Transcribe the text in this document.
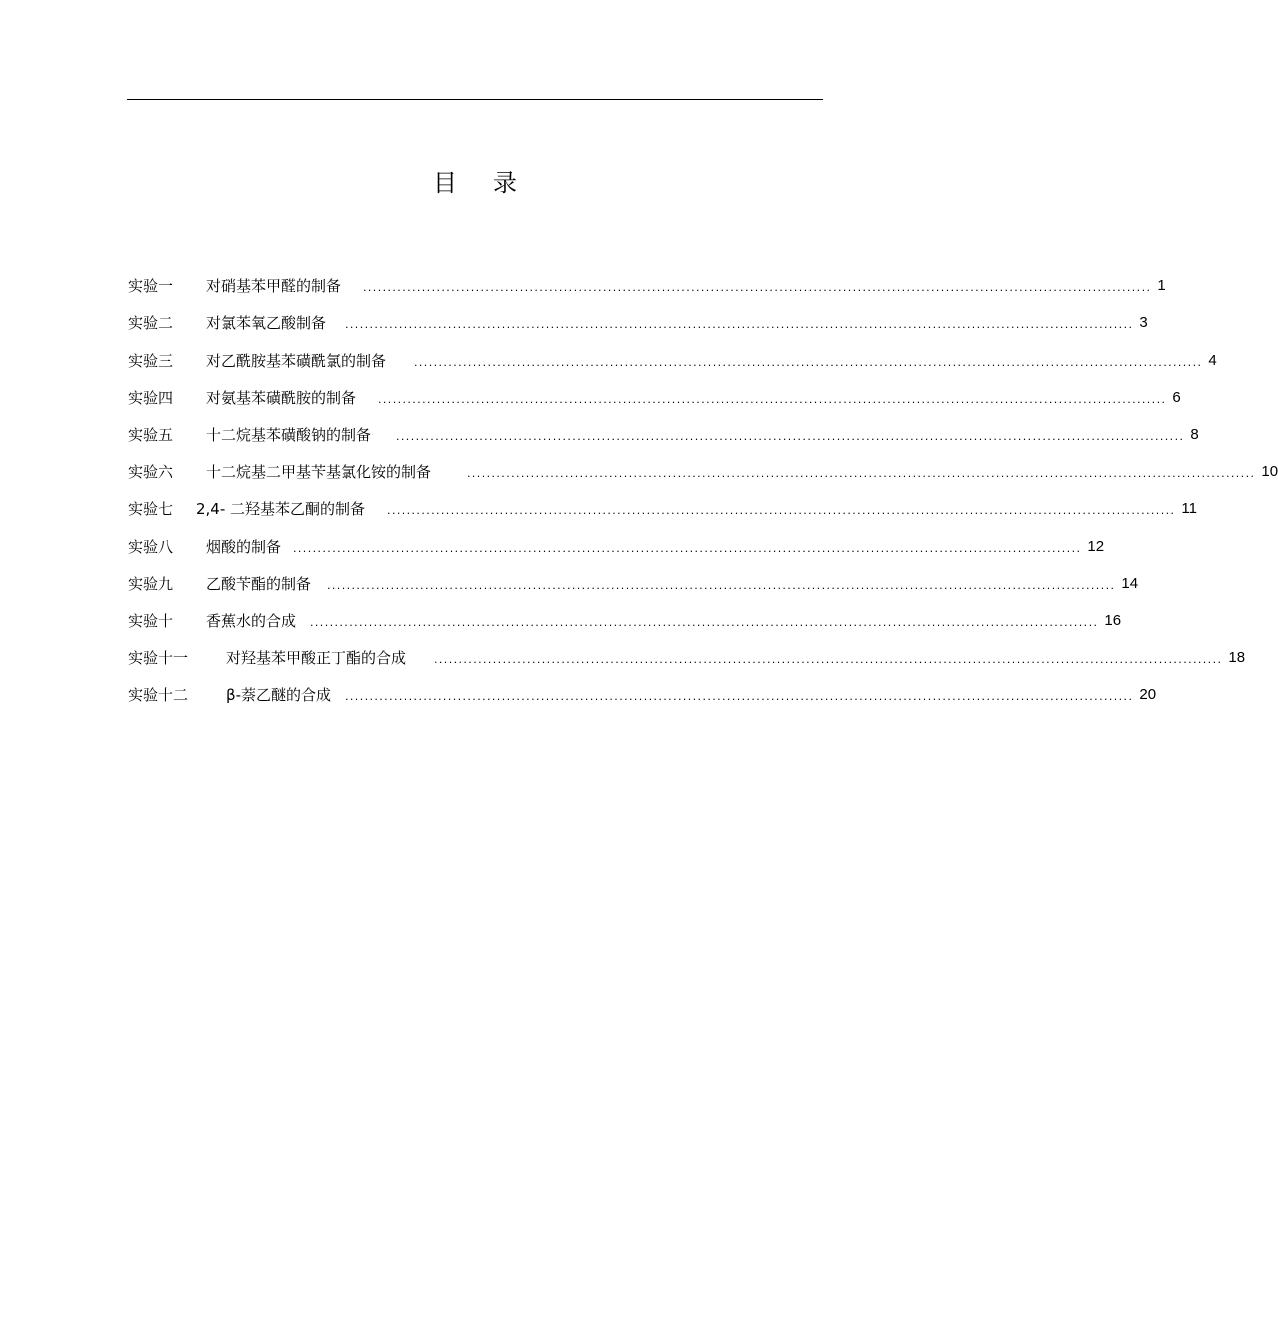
目录
实验一	对硝基苯甲醛的制备 ................................................................................................................................................................. 1
实验二	对氯苯氧乙酸制备 ................................................................................................................................................................. 3
实验三	对乙酰胺基苯磺酰氯的制备	................................................................................................................................................................. 4
实验四	对氨基苯磺酰胺的制备 ................................................................................................................................................................. 6
实验五	十二烷基苯磺酸钠的制备 ................................................................................................................................................................. 8
实验六	十二烷基二甲基苄基氯化铵的制备	................................................................................................................................................................. 10
实验七	2,4- 二羟基苯乙酮的制备 ................................................................................................................................................................. 11
实验八	烟酸的制备 ................................................................................................................................................................. 12
实验九	乙酸苄酯的制备 ................................................................................................................................................................. 14
实验十	香蕉水的合成 ................................................................................................................................................................. 16
实验十一	对羟基苯甲酸正丁酯的合成	................................................................................................................................................................. 18
实验十二	β-萘乙醚的合成 ................................................................................................................................................................. 20
